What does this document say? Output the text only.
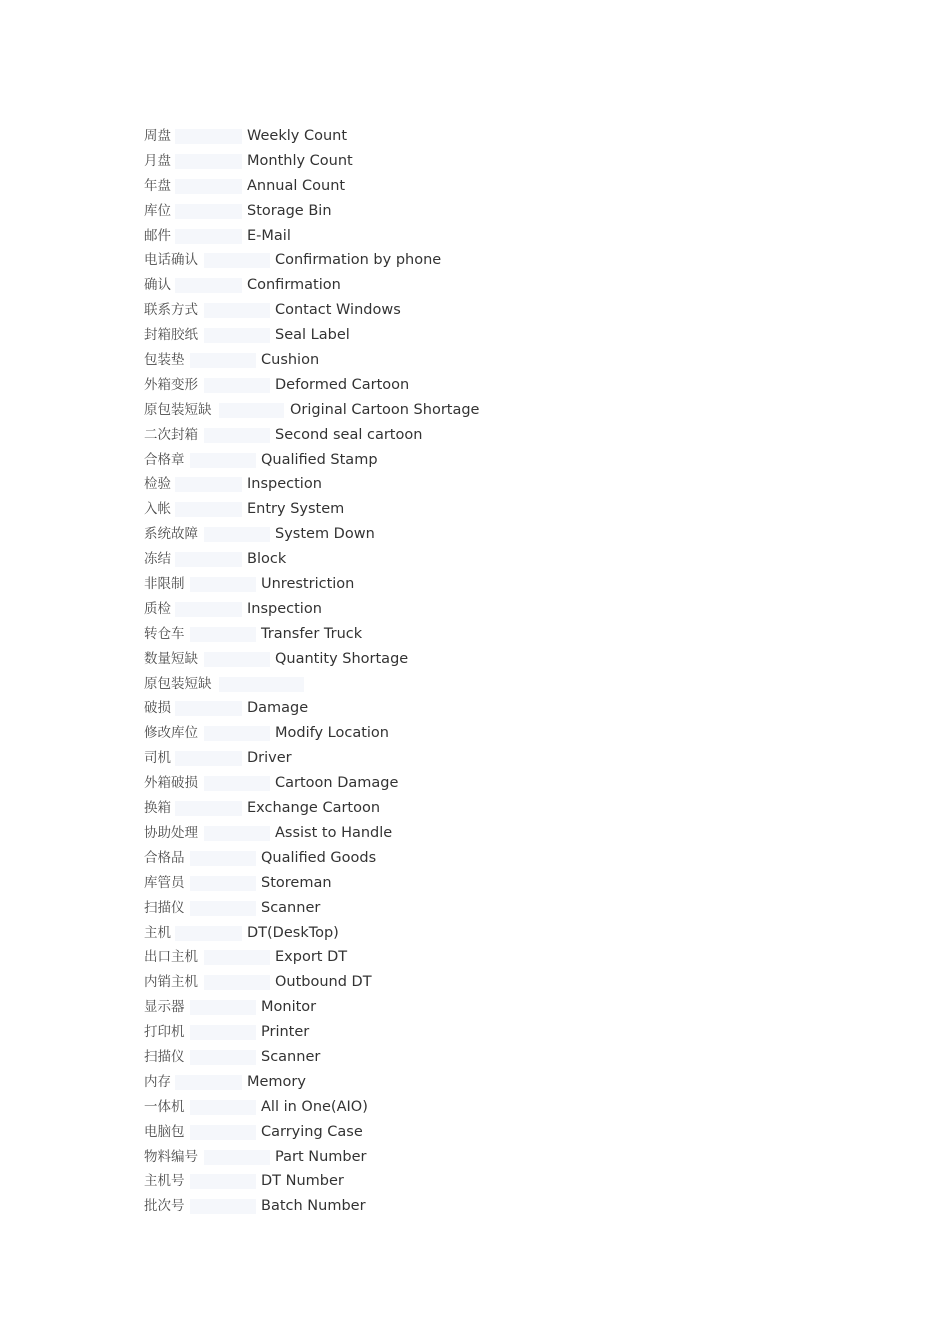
周盘	Weekly Count
月盘	Monthly Count
年盘	Annual Count
库位	Storage Bin
邮件	E-Mail
电话确认	Confirmation by phone
确认	Confirmation
联系方式	Contact Windows
封箱胶纸	Seal Label
包装垫	Cushion
外箱变形	Deformed Cartoon
原包装短缺	Original Cartoon Shortage
二次封箱	Second seal cartoon
合格章	Qualified Stamp
检验	Inspection
入帐	Entry System
系统故障	System Down
冻结	Block
非限制	Unrestriction
质检	Inspection
转仓车	Transfer Truck
数量短缺	Quantity Shortage
原包装短缺
破损	Damage
修改库位	Modify Location
司机	Driver
外箱破损	Cartoon Damage
换箱	Exchange Cartoon
协助处理	Assist to Handle
合格品	Qualified Goods
库管员	Storeman
扫描仪	Scanner
主机	DT(DeskTop)
出口主机	Export DT
内销主机	Outbound DT
显示器	Monitor
打印机	Printer
扫描仪	Scanner
内存	Memory
一体机	All in One(AIO)
电脑包	Carrying Case
物料编号	Part Number
主机号	DT Number
批次号	Batch Number
